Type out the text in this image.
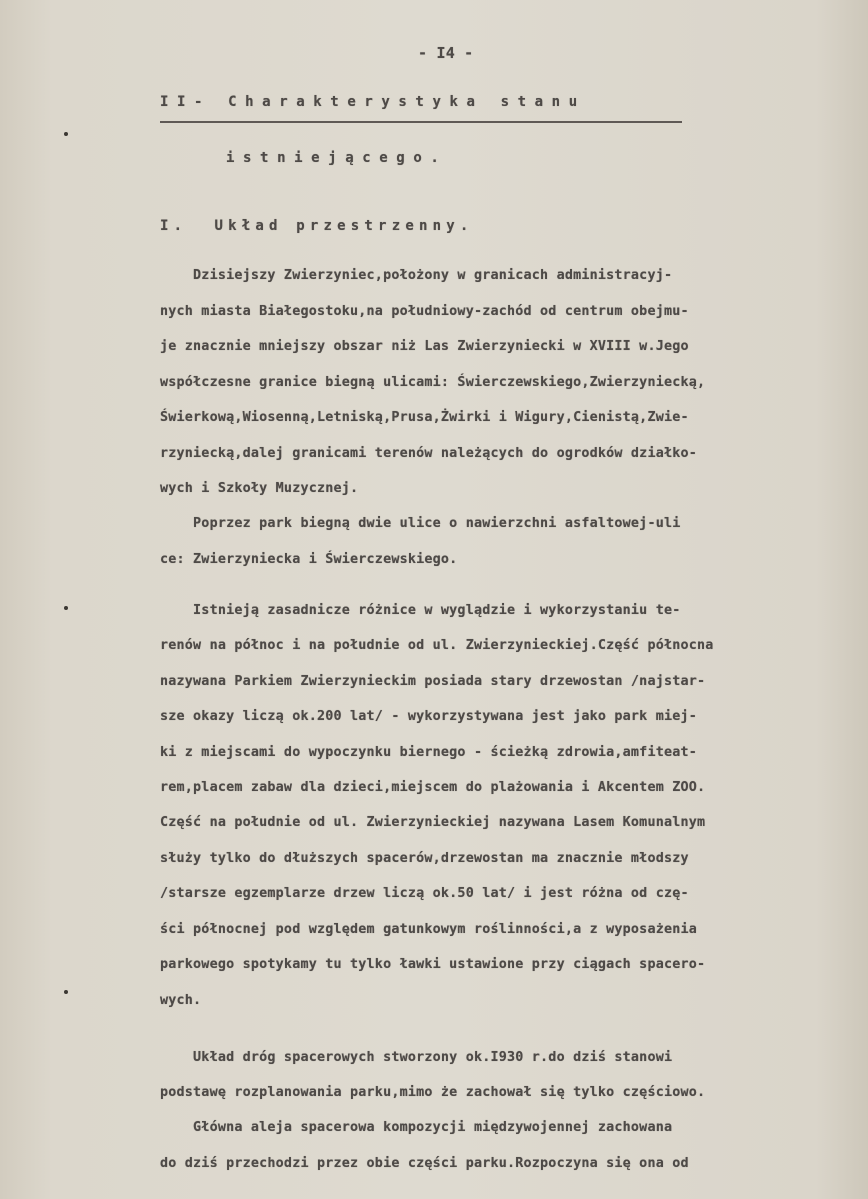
- I4 -
II- Charakterystyka stanu
istniejącego.
I.  Układ przestrzenny.
Dzisiejszy Zwierzyniec,położony w granicach administracyj-
nych miasta Białegostoku,na południowy-zachód od centrum obejmu-
je znacznie mniejszy obszar niż Las Zwierzyniecki w XVIII w.Jego
współczesne granice biegną ulicami: Świerczewskiego,Zwierzyniecką,
Świerkową,Wiosenną,Letniską,Prusa,Żwirki i Wigury,Cienistą,Zwie-
rzyniecką,dalej granicami terenów należących do ogrodków działko-
wych i Szkoły Muzycznej.
Poprzez park biegną dwie ulice o nawierzchni asfaltowej-uli
ce: Zwierzyniecka i Świerczewskiego.
Istnieją zasadnicze różnice w wyglądzie i wykorzystaniu te-
renów na północ i na południe od ul. Zwierzynieckiej.Część północna
nazywana Parkiem Zwierzynieckim posiada stary drzewostan /najstar-
sze okazy liczą ok.200 lat/ - wykorzystywana jest jako park miej-
ki z miejscami do wypoczynku biernego - ścieżką zdrowia,amfiteat-
rem,placem zabaw dla dzieci,miejscem do plażowania i Akcentem ZOO.
Część na południe od ul. Zwierzynieckiej nazywana Lasem Komunalnym
służy tylko do dłuższych spacerów,drzewostan ma znacznie młodszy
/starsze egzemplarze drzew liczą ok.50 lat/ i jest różna od czę-
ści północnej pod względem gatunkowym roślinności,a z wyposażenia
parkowego spotykamy tu tylko ławki ustawione przy ciągach spacero-
wych.
Układ dróg spacerowych stworzony ok.I930 r.do dziś stanowi
podstawę rozplanowania parku,mimo że zachował się tylko częściowo.
Główna aleja spacerowa kompozycji międzywojennej zachowana
do dziś przechodzi przez obie części parku.Rozpoczyna się ona od
